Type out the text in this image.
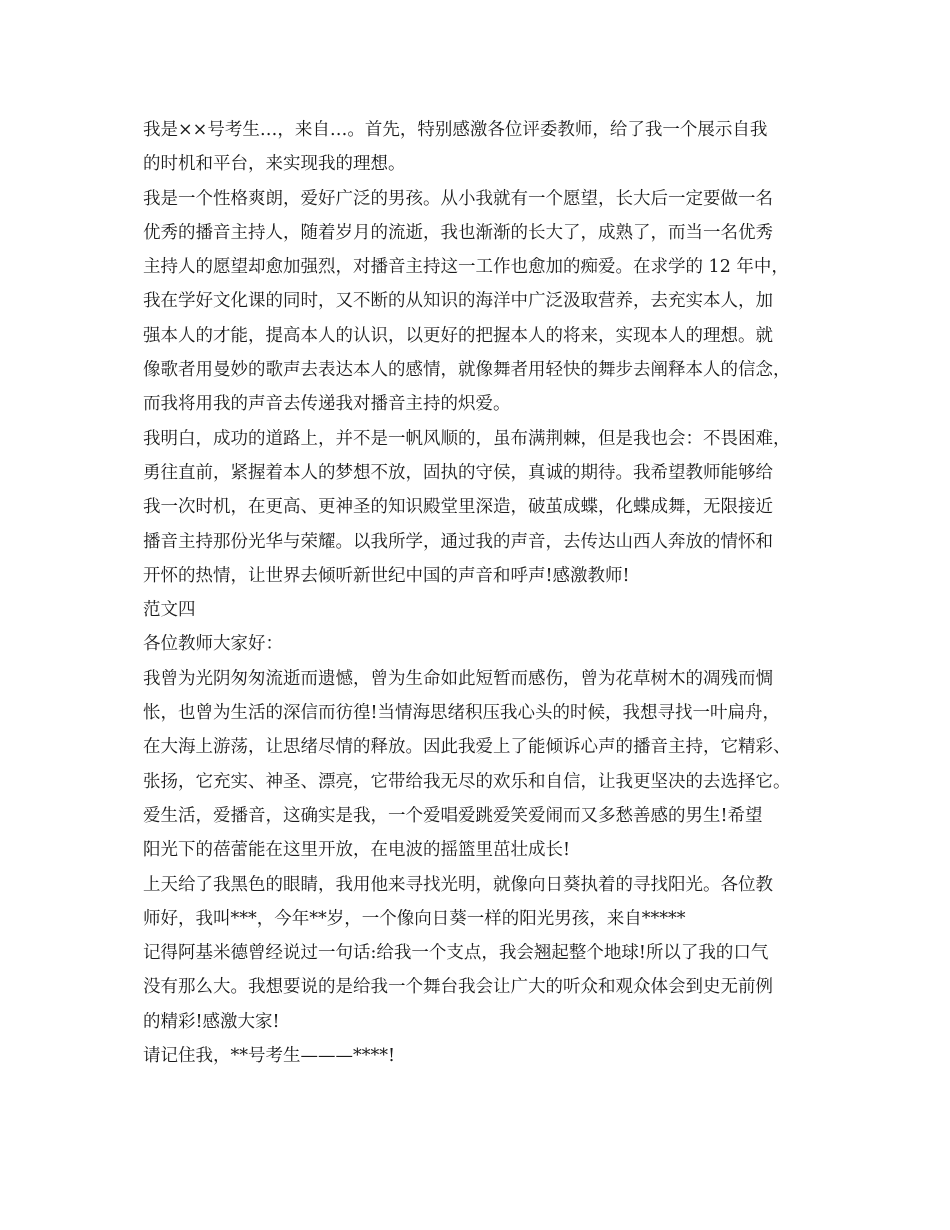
我是××号考生…，来自…。首先，特别感激各位评委教师，给了我一个展示自我
的时机和平台，来实现我的理想。
我是一个性格爽朗，爱好广泛的男孩。从小我就有一个愿望，长大后一定要做一名
优秀的播音主持人，随着岁月的流逝，我也渐渐的长大了，成熟了，而当一名优秀
主持人的愿望却愈加强烈，对播音主持这一工作也愈加的痴爱。在求学的 12 年中，
我在学好文化课的同时，又不断的从知识的海洋中广泛汲取营养，去充实本人，加
强本人的才能，提高本人的认识，以更好的把握本人的将来，实现本人的理想。就
像歌者用曼妙的歌声去表达本人的感情，就像舞者用轻快的舞步去阐释本人的信念，
而我将用我的声音去传递我对播音主持的炽爱。
我明白，成功的道路上，并不是一帆风顺的，虽布满荆棘，但是我也会：不畏困难，
勇往直前，紧握着本人的梦想不放，固执的守侯，真诚的期待。我希望教师能够给
我一次时机，在更高、更神圣的知识殿堂里深造，破茧成蝶，化蝶成舞，无限接近
播音主持那份光华与荣耀。以我所学，通过我的声音，去传达山西人奔放的情怀和
开怀的热情，让世界去倾听新世纪中国的声音和呼声!感激教师!
范文四
各位教师大家好：
我曾为光阴匆匆流逝而遗憾，曾为生命如此短暂而感伤，曾为花草树木的凋残而惆
怅，也曾为生活的深信而彷徨!当情海思绪积压我心头的时候，我想寻找一叶扁舟，
在大海上游荡，让思绪尽情的释放。因此我爱上了能倾诉心声的播音主持，它精彩、
张扬，它充实、神圣、漂亮，它带给我无尽的欢乐和自信，让我更坚决的去选择它。
爱生活，爱播音，这确实是我，一个爱唱爱跳爱笑爱闹而又多愁善感的男生!希望
阳光下的蓓蕾能在这里开放，在电波的摇篮里茁壮成长!
上天给了我黑色的眼睛，我用他来寻找光明，就像向日葵执着的寻找阳光。各位教
师好，我叫***，今年**岁，一个像向日葵一样的阳光男孩，来自*****
记得阿基米德曾经说过一句话:给我一个支点，我会翘起整个地球!所以了我的口气
没有那么大。我想要说的是给我一个舞台我会让广大的听众和观众体会到史无前例
的精彩!感激大家!
请记住我，**号考生———****!
